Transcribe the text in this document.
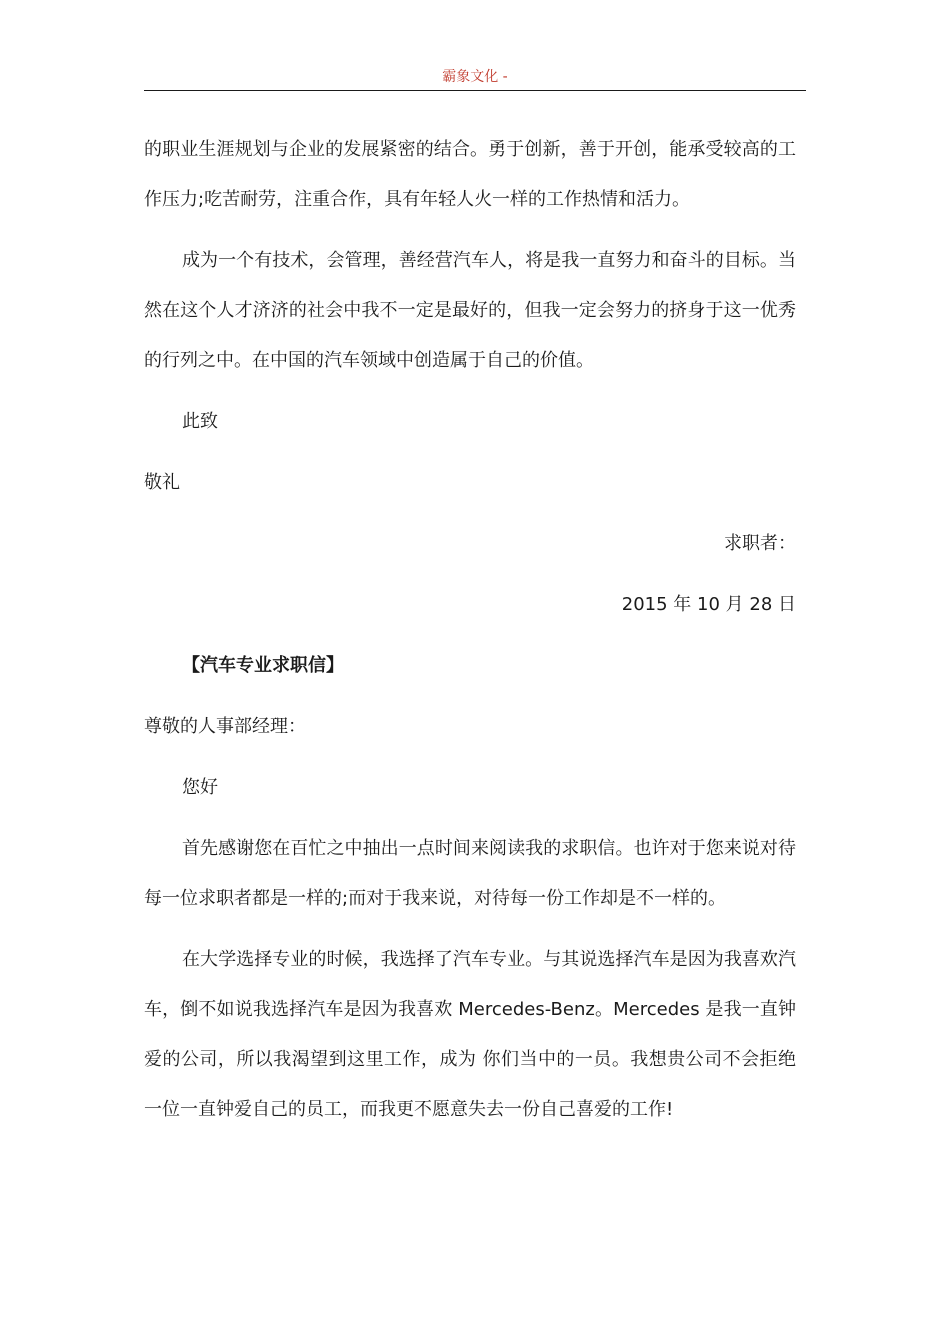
霸象文化 -

的职业生涯规划与企业的发展紧密的结合。勇于创新，善于开创，能承受较高的工作压力;吃苦耐劳，注重合作，具有年轻人火一样的工作热情和活力。

成为一个有技术，会管理，善经营汽车人，将是我一直努力和奋斗的目标。当然在这个人才济济的社会中我不一定是最好的，但我一定会努力的挤身于这一优秀的行列之中。在中国的汽车领域中创造属于自己的价值。

此致

敬礼

求职者：

2015 年 10 月 28 日

【汽车专业求职信】

尊敬的人事部经理：

您好

首先感谢您在百忙之中抽出一点时间来阅读我的求职信。也许对于您来说对待每一位求职者都是一样的;而对于我来说，对待每一份工作却是不一样的。

在大学选择专业的时候，我选择了汽车专业。与其说选择汽车是因为我喜欢汽车，倒不如说我选择汽车是因为我喜欢 Mercedes-Benz。Mercedes 是我一直钟爱的公司，所以我渴望到这里工作，成为 你们当中的一员。我想贵公司不会拒绝一位一直钟爱自己的员工，而我更不愿意失去一份自己喜爱的工作!
